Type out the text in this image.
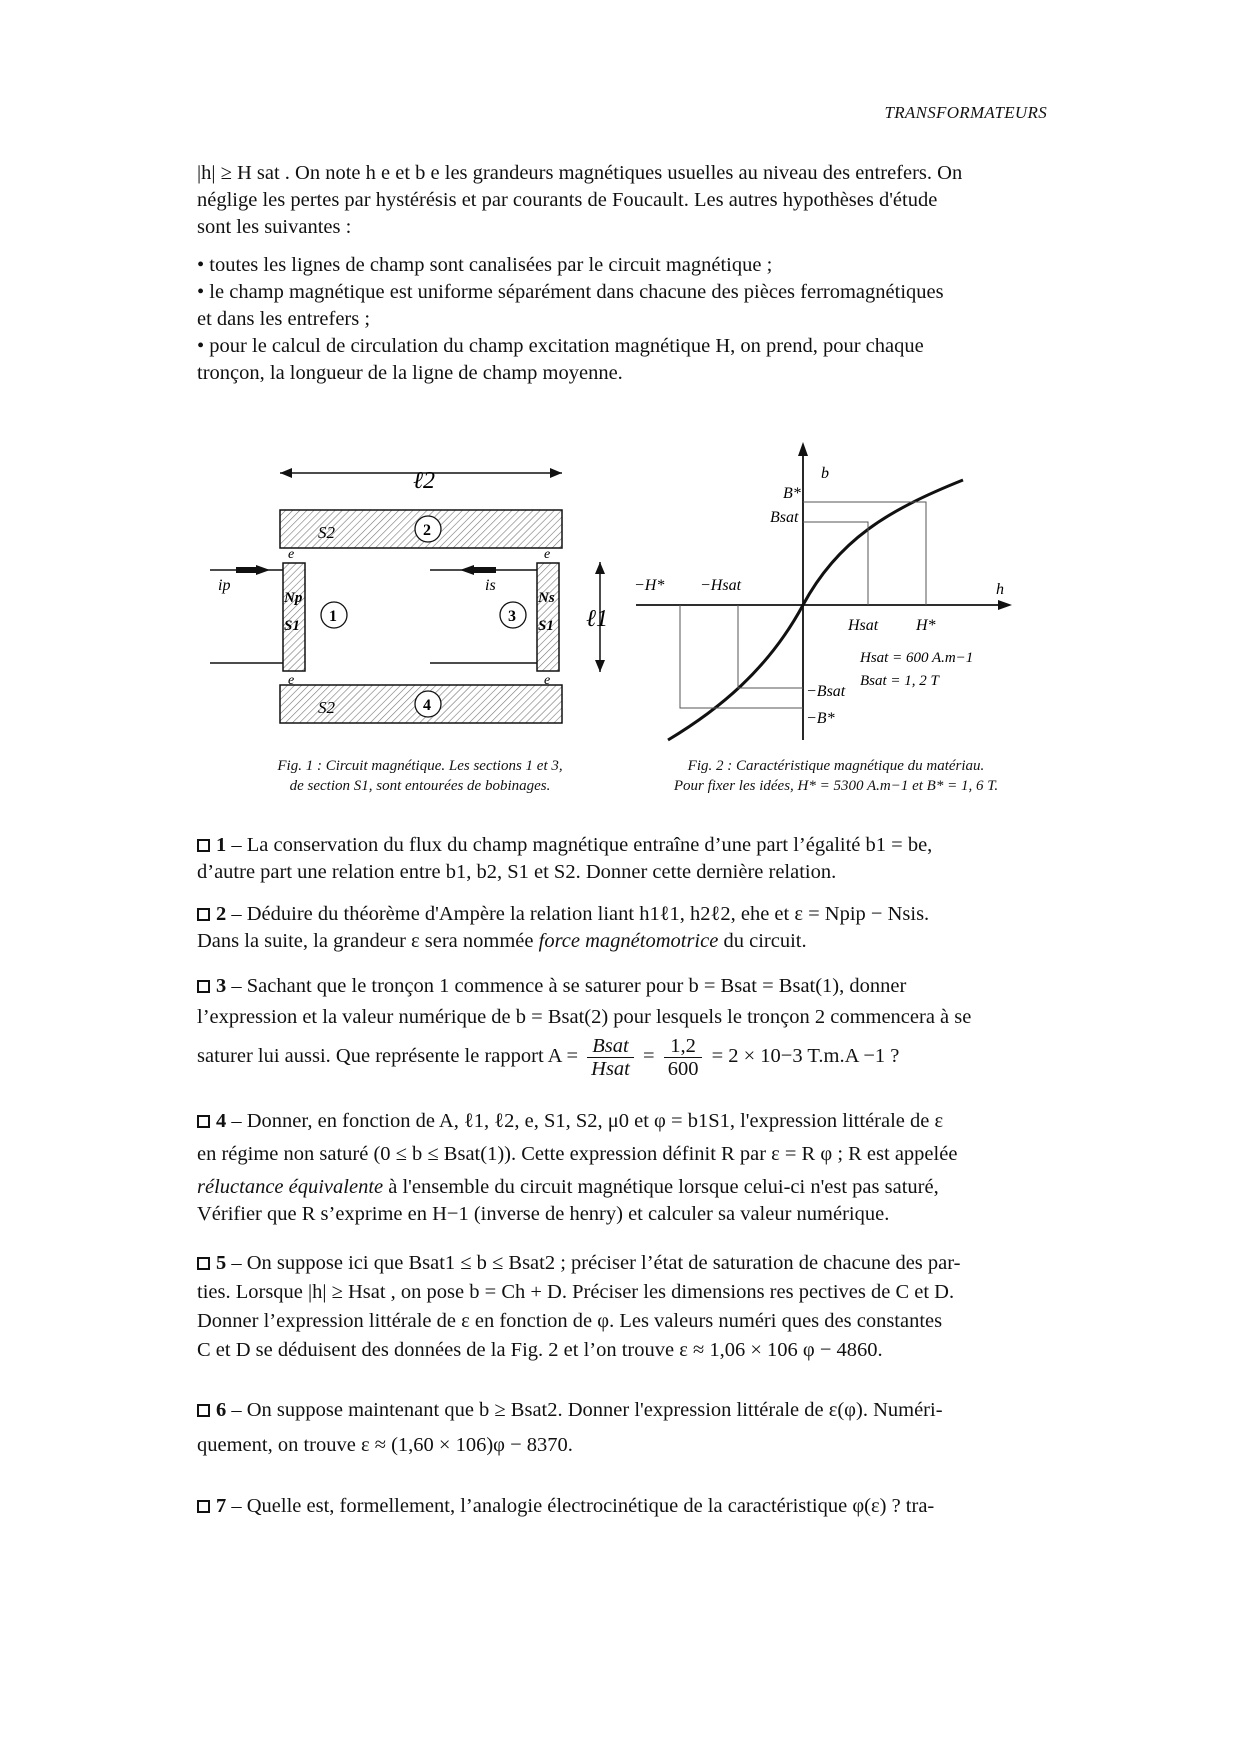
TRANSFORMATEURS

|h| ≥ H sat . On note h e et b e les grandeurs magnétiques usuelles au niveau des entrefers. On

néglige les pertes par hystérésis et par courants de Foucault. Les autres hypothèses d'étude

sont les suivantes :

• toutes les lignes de champ sont canalisées par le circuit magnétique ;

• le champ magnétique est uniforme séparément dans chacune des pièces ferromagnétiques

et dans les entrefers ;

• pour le calcul de circulation du champ excitation magnétique H, on prend, pour chaque

tronçon, la longueur de la ligne de champ moyenne.

ℓ2
S2	2
S2	4
Np
S1
1
Ns
S1
3
e
e
e
e
ip	is
ℓ1
b
h
B*
Bsat
−H* −Hsat
Hsat H*
Hsat = 600 A.m−1
Bsat = 1, 2 T
−Bsat
−B*
Fig. 1 : Circuit magnétique. Les sections 1 et 3,
de section S1, sont entourées de bobinages.
Fig. 2 : Caractéristique magnétique du matériau.
Pour fixer les idées, H* = 5300 A.m−1 et B* = 1, 6 T.

1 – La conservation du flux du champ magnétique entraîne d’une part l’égalité b1 = be,

d’autre part une relation entre b1, b2, S1 et S2. Donner cette dernière relation.

2 – Déduire du théorème d'Ampère la relation liant h1ℓ1, h2ℓ2, ehe et ε = Npip − Nsis.

Dans la suite, la grandeur ε sera nommée force magnétomotrice du circuit.

3 – Sachant que le tronçon 1 commence à se saturer pour b = Bsat = Bsat(1), donner

l’expression et la valeur numérique de b = Bsat(2) pour lesquels le tronçon 2 commencera à se

saturer lui aussi. Que représente le rapport $A = \frac{\text{Bsat}}{\text{Hsat}} = \frac{1,2}{600} = 2 \times 10-3$ T.m.A −1 ?

4 – Donner, en fonction de A, ℓ1, ℓ2, e, S1, S2, μ0 et φ = b1S1, l'expression littérale de ε

en régime non saturé (0 ≤ b ≤ Bsat(1)). Cette expression définit R par ε = R φ ; R est appelée

réluctance équivalente à l'ensemble du circuit magnétique lorsque celui-ci n'est pas saturé,

Vérifier que R s’exprime en H−1 (inverse de henry) et calculer sa valeur numérique.

5 – On suppose ici que Bsat1 ≤ b ≤ Bsat2 ; préciser l’état de saturation de chacune des par-

ties. Lorsque |h| ≥ Hsat , on pose b = Ch + D. Préciser les dimensions res pectives de C et D.

Donner l’expression littérale de ε en fonction de φ. Les valeurs numéri ques des constantes

C et D se déduisent des données de la Fig. 2 et l’on trouve ε ≈ 1,06 × 106 φ − 4860.

6 – On suppose maintenant que b ≥ Bsat2. Donner l'expression littérale de ε(φ). Numéri-

quement, on trouve ε ≈ (1,60 × 106)φ − 8370.

7 – Quelle est, formellement, l’analogie électrocinétique de la caractéristique φ(ε) ? tra-
